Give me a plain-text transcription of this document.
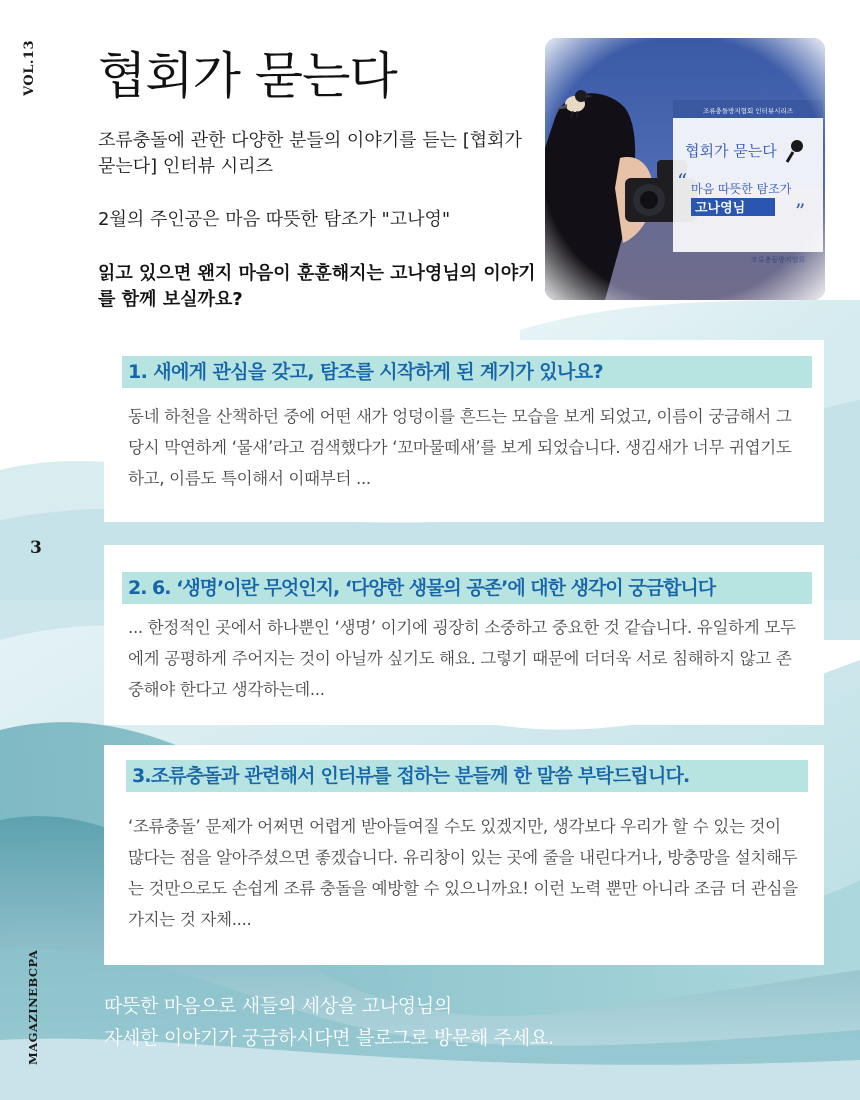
VOL.13
3
MAGAZINEBCPA
협회가 묻는다

조류충돌에 관한 다양한 분들의 이야기를 듣는 [협회가 묻는다] 인터뷰 시리즈

2월의 주인공은 마음 따뜻한 탐조가 "고나영"

읽고 있으면 왠지 마음이 훈훈해지는 고나영님의 이야기를 함께 보실까요?

1. 새에게 관심을 갖고, 탐조를 시작하게 된 계기가 있나요?

동네 하천을 산책하던 중에 어떤 새가 엉덩이를 흔드는 모습을 보게 되었고, 이름이 궁금해서 그 당시 막연하게 ‘물새’라고 검색했다가 ‘꼬마물떼새’를 보게 되었습니다. 생김새가 너무 귀엽기도 하고, 이름도 특이해서 이때부터 ...

2. 6. ‘생명’이란 무엇인지, ‘다양한 생물의 공존’에 대한 생각이 궁금합니다

... 한정적인 곳에서 하나뿐인 ‘생명’ 이기에 굉장히 소중하고 중요한 것 같습니다. 유일하게 모두에게 공평하게 주어지는 것이 아닐까 싶기도 해요. 그렇기 때문에 더더욱 서로 침해하지 않고 존중해야 한다고 생각하는데...

3.조류충돌과 관련해서 인터뷰를 접하는 분들께 한 말씀 부탁드립니다.

‘조류충돌’ 문제가 어쩌면 어렵게 받아들여질 수도 있겠지만, 생각보다 우리가 할 수 있는 것이 많다는 점을 알아주셨으면 좋겠습니다. 유리창이 있는 곳에 줄을 내린다거나, 방충망을 설치해두는 것만으로도 손쉽게 조류 충돌을 예방할 수 있으니까요! 이런 노력 뿐만 아니라 조금 더 관심을 가지는 것 자체....

따뜻한 마음으로 새들의 세상을 고나영님의
자세한 이야기가 궁금하시다면 블로그로 방문해 주세요.
